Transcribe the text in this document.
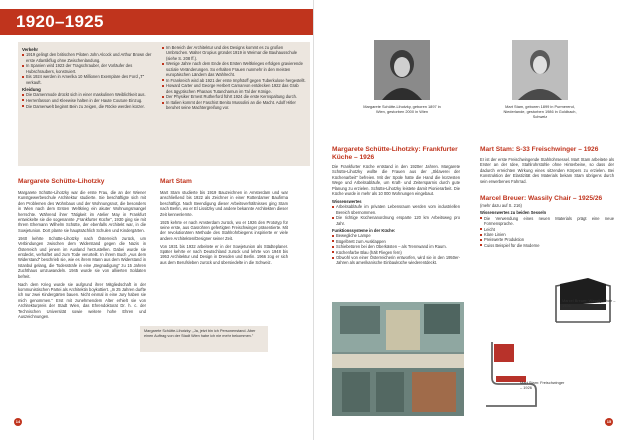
1920–1925
Verkehr
1919 gelingt den britischen Piloten John Alcock und Arthur Brown der erste Atlantikflug ohne Zwischenlandung.
In Spanien wird 1923 der Tragschrauber, der Vorläufer des Hubschraubers, konstruiert.
Bis 1924 werden in Amerika 10 Millionen Exemplare des Ford „T" verkauft.
Kleidung
Die Damenmode drückt sich in einer maskulinen Weiblichkeit aus.
Herrenfasson und Kleewise halten in der Haute Couture Einzug.
Die Damenwelt beginnt Bein zu zeigen, die Röcke werden kürzer.
Im Bereich der Architektur und des Designs kommt es zu großen Umbrüchen. Walter Gropius gründet 1919 in Weimar die Bauhausschule (siehe S. 208 ff.).
Wenige Jahre nach dem Ende des Ersten Weltkrieges erfolgen gravierende soziale Veränderungen. So erhalten Frauen nunmehr in den meisten europäischen Ländern das Wahlrecht.
In Frankreich wird ab 1921 der erste Impfstoff gegen Tuberkulose hergestellt.
Howard Carter und George Herbert Carnarvon entdecken 1922 das Grab des ägyptischen Pharaos Tutanchamun im Tal der Könige.
Der Physiker Ernest Rutherford führt 1924 die erste Kernspaltung durch.
In Italien kommt der Faschist Benito Mussolini an die Macht. Adolf Hitler beruhet seine Machtergreifung vor.
Margarete Schütte-Lihotzky

Margarete Schütte-Lihotzky war die erste Frau, die an der Wiener Kunstgewerbeschule Architektur studierte. Sie beschäftigte sich mit den Problemen des Wohnbaus und der Wohnungsnot, die besonders in Wien nach dem Ersten Weltkrieg ein akuter Wohnungsmangel herrschte. Während ihrer Tätigkeit im Atelier May in Frankfurt entwickelte sie die sogenannte „Frankfurter Küche", 1930 ging sie mit Ihrem Ehemann Wilhelm Schütte, der ebenfalls Architekt war, in die Sowjetunion. Dort plante sie hauptsächlich Schulen und Kindergärten.

1940 kehrte Schütte-Lihotzky nach Österreich zurück, um Verbindungen zwischen dem Widerstand gegen die Nazis in Österreich und jenem im Ausland herzustellen. Dabei wurde sie entdeckt, verhaftet und zum Tode verurteilt. In ihrem Buch „Aus dem Widerstand" beschrieb sie, wie es ihrem Mann aus dem Widerstand in Istanbul gelang, die Todesstrafe in eine „Begnadigung" zu 15 Jahren Zuchthaus umzuwandeln. 1945 wurde sie von alliierten Soldaten befreit.

Nach dem Krieg wurde sie aufgrund ihrer Mitgliedschaft in der kommunistischen Partei als Architektin boykottiert. „In 25 Jahren durfte ich nur zwei Kindergärten bauen. Nicht einmal in eine Jury haben sie mich genommen." Erst mit zunehmendem Alter erhielt sie von Architekturpreis der Stadt Wien, das Ehrendoktorat Dr. h. c. der Technischen Universität sowie weitere hohe Ehren und Auszeichnungen.

Mart Stam

Mart Stam studierte bis 1919 Bauzeichnen in Amsterdam und war anschließend bis 1922 als Zeichner in einer Rotterdamer Baufirma beschäftigt. Nach Beendigung dieser Arbeitsverhältnisses ging Stam nach Berlin, wo er El Lissitzky und andere bekannte Architekten dieser Zeit kennenlernte.

1925 kehrte er nach Amsterdam zurück, wo er 1926 den Prototyp für seine erste, aus Gasrohren gefertigten Freischwinger präsentierte. Mit der revolutionären Methode des Stahlrohrbiegens inspirierte er viele andere Architekten/Designer seiner Zeit.

Von 1931 bis 1932 arbeitete er in der Sowjetunion als Städteplaner. Später kehrte er nach Deutschland zurück und lehrte von 1948 bis 1953 Architektur und Design in Dresden und Berlin. 1966 zog er sich aus dem Berufsleben zurück und übersiedelte in die Schweiz.

Margarete Schütte-Lihotzky: „Ja, jetzt bin ich Personenstand. Aber einen Auftrag von der Stadt Wien habe ich nie mehr bekommen."
14
Margarete Schütte-Lihotzky, geboren 1897 in Wien, gestorben 2000 in Wien
Mart Stam, geboren 1899 in Purmerend, Niederlande, gestorben 1986 in Goldbach, Schweiz
Margarete Schütte-Lihotzky: Frankfurter Küche – 1926

Die Frankfurter Küche entstand in den 1920er Jahren. Margarete Schütte-Lihotzky wollte die Frauen aus der „Sklaverei der Küchenarbeit" befreien. Mit der Spüle hatte die Hand die kürzesten Wege und Arbeitsabläufe, um Kraft- und Zeitersparnis durch gute Planung zu erzielen. Schütte-Lihotzky leistete damit Pionierarbeit. Die Küche wurde in mehr als 10 000 Wohnungen eingebaut.

Wissenswertes
Arbeitsabläufe im privaten Lebensraum werden vom industriellen Bereich übernommen.
Die richtige Küchenanordnung ersparte 120 km Arbeitsweg pro Jahr.
Funktionssysteme in der Küche:
Bewegliche Lampe
Bügelbrett zum Ausklappen
Schiebetüren bei den Oberkästen – als Trennwand im Raum.
Küchenfarbe Blau (hält Fliegen fern)
Obwohl von einer Österreicherin entworfen, wird sie in den 1950er-Jahren als amerikanische Einbauküche wiederentdeckt.
Mart Stam: S-33 Freischwinger – 1926

Er ist der erste Freischwingende Stahlrohrsessel. Mart Stam arbeitete als Erster an der Idee, Stahlrohrstühle ohne Hinterbeine, so dass der dadurch erreichten Wirkung eines sitzenden Körpers zu erzielen. Bei Konstruktion der Elastizität des Materials bekam Stam übrigens durch sein erwerbenes Fahrrad.

Marcel Breuer: Wassily Chair – 1925/26
(mehr dazu auf S. 216)
Wissenswertes zu beiden Sesseln
Die Verwendung eines neuen Materials prägt eine neue Formensprache.
Leicht
Klare Linien
Preiswerte Produktion
Cuiss Beispiel für die Moderne
Marcel Breuer: Wassily Chair – 1926
Mart Stam: Freischwinger – 1926
15
